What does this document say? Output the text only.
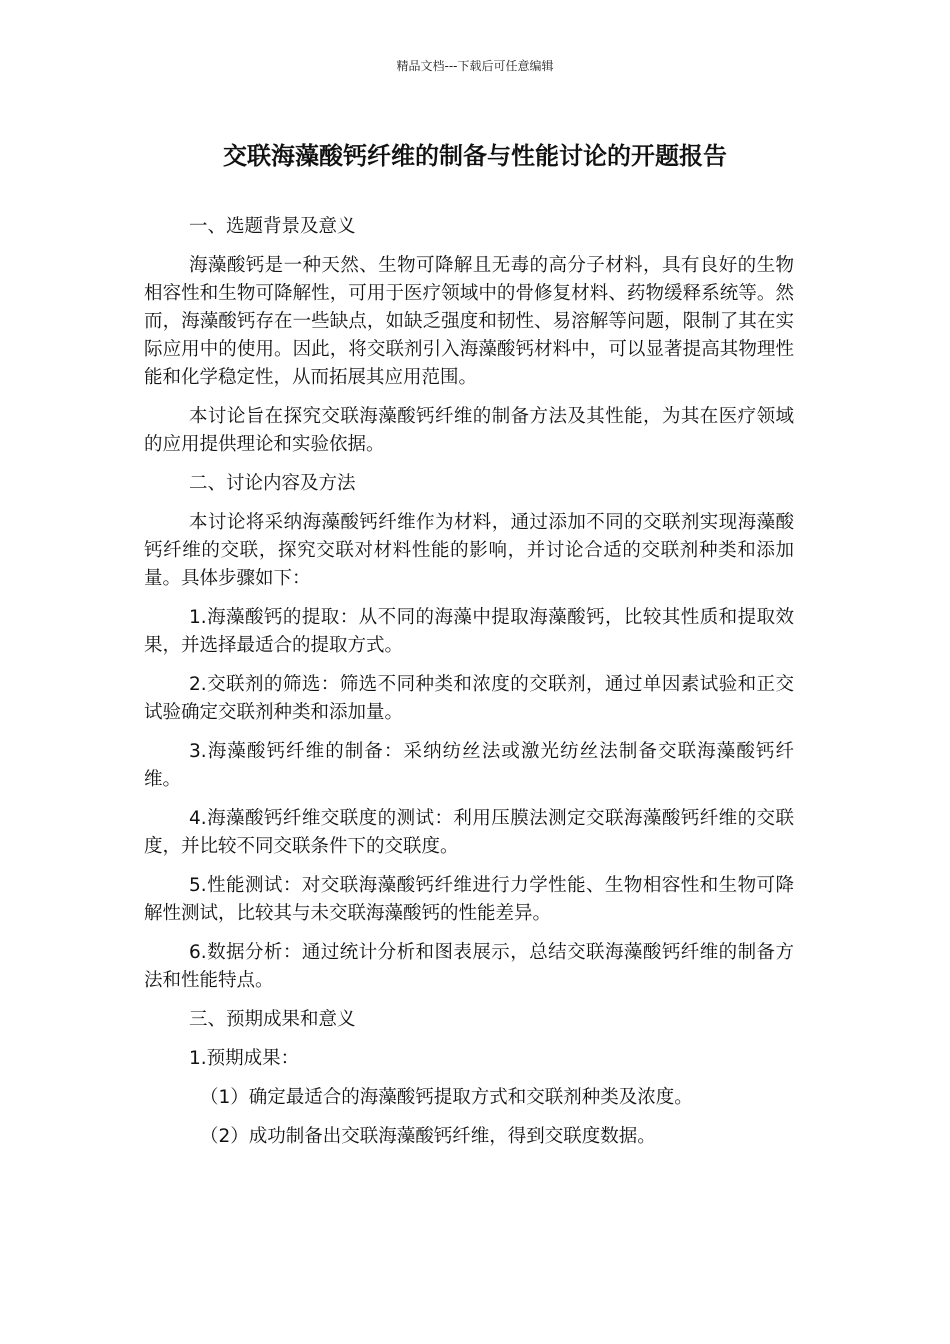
精品文档---下载后可任意编辑
交联海藻酸钙纤维的制备与性能讨论的开题报告

一、选题背景及意义

海藻酸钙是一种天然、生物可降解且无毒的高分子材料，具有良好的生物相容性和生物可降解性，可用于医疗领域中的骨修复材料、药物缓释系统等。然而，海藻酸钙存在一些缺点，如缺乏强度和韧性、易溶解等问题，限制了其在实际应用中的使用。因此，将交联剂引入海藻酸钙材料中，可以显著提高其物理性能和化学稳定性，从而拓展其应用范围。

本讨论旨在探究交联海藻酸钙纤维的制备方法及其性能，为其在医疗领域的应用提供理论和实验依据。

二、讨论内容及方法

本讨论将采纳海藻酸钙纤维作为材料，通过添加不同的交联剂实现海藻酸钙纤维的交联，探究交联对材料性能的影响，并讨论合适的交联剂种类和添加量。具体步骤如下：

1.海藻酸钙的提取：从不同的海藻中提取海藻酸钙，比较其性质和提取效果，并选择最适合的提取方式。

2.交联剂的筛选：筛选不同种类和浓度的交联剂，通过单因素试验和正交试验确定交联剂种类和添加量。

3.海藻酸钙纤维的制备：采纳纺丝法或激光纺丝法制备交联海藻酸钙纤维。

4.海藻酸钙纤维交联度的测试：利用压膜法测定交联海藻酸钙纤维的交联度，并比较不同交联条件下的交联度。

5.性能测试：对交联海藻酸钙纤维进行力学性能、生物相容性和生物可降解性测试，比较其与未交联海藻酸钙的性能差异。

6.数据分析：通过统计分析和图表展示，总结交联海藻酸钙纤维的制备方法和性能特点。

三、预期成果和意义

1.预期成果：

（1）确定最适合的海藻酸钙提取方式和交联剂种类及浓度。

（2）成功制备出交联海藻酸钙纤维，得到交联度数据。
